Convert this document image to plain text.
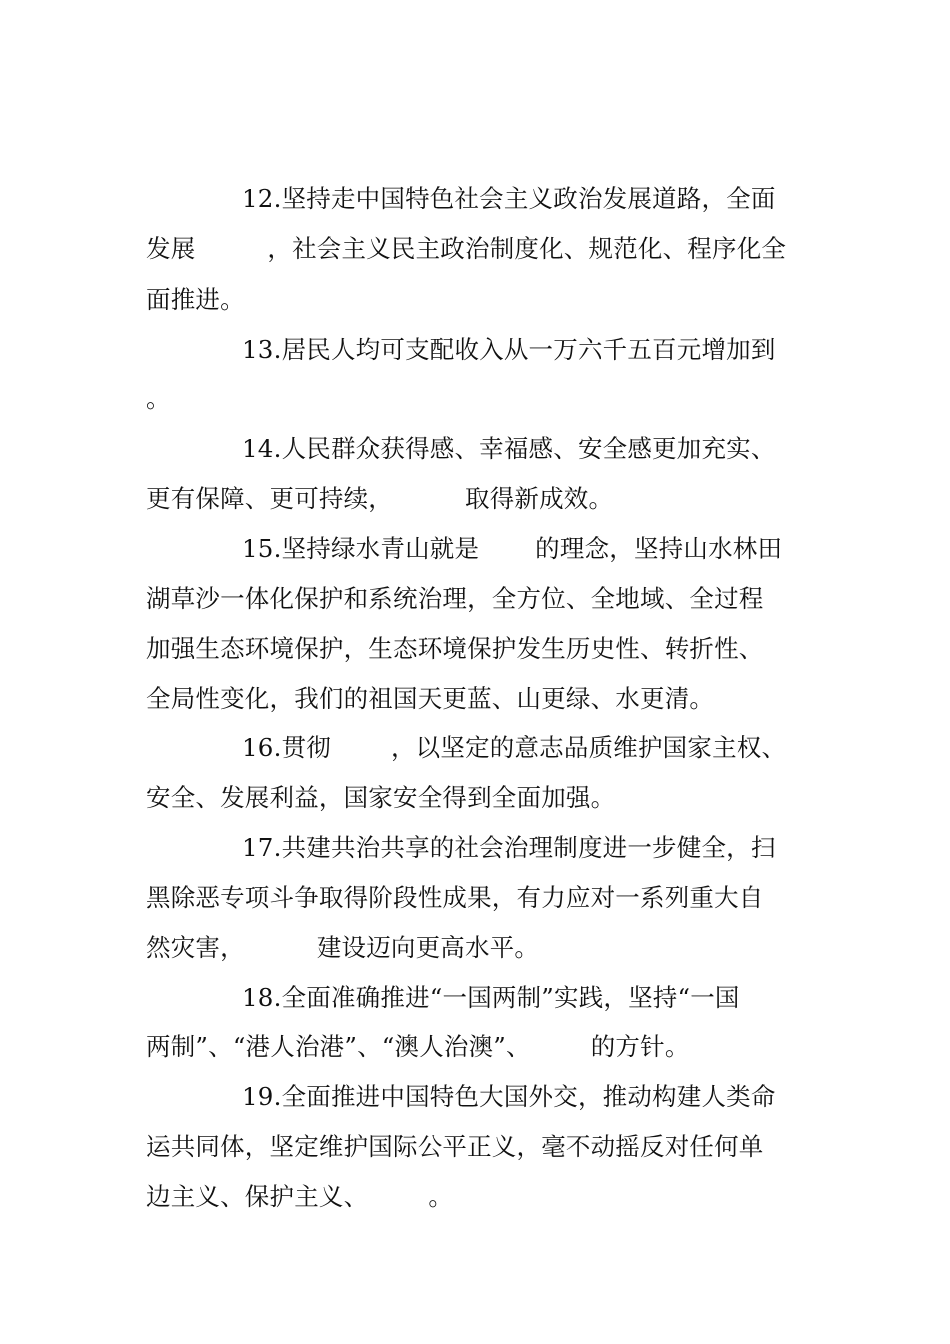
12.坚持走中国特色社会主义政治发展道路，全面
发展	，社会主义民主政治制度化、规范化、程序化全
面推进。
13.居民人均可支配收入从一万六千五百元增加到
。
14.人民群众获得感、幸福感、安全感更加充实、
更有保障、更可持续，	取得新成效。
15.坚持绿水青山就是 的理念，坚持山水林田
湖草沙一体化保护和系统治理，全方位、全地域、全过程
加强生态环境保护，生态环境保护发生历史性、转折性、
全局性变化，我们的祖国天更蓝、山更绿、水更清。
16.贯彻 ，以坚定的意志品质维护国家主权、
安全、发展利益，国家安全得到全面加强。
17.共建共治共享的社会治理制度进一步健全，扫
黑除恶专项斗争取得阶段性成果，有力应对一系列重大自
然灾害，	建设迈向更高水平。
18.全面准确推进“一国两制”实践，坚持“一国
两制”、“港人治港”、“澳人治澳”、 的方针。
19.全面推进中国特色大国外交，推动构建人类命
运共同体，坚定维护国际公平正义，毫不动摇反对任何单
边主义、保护主义、 。
